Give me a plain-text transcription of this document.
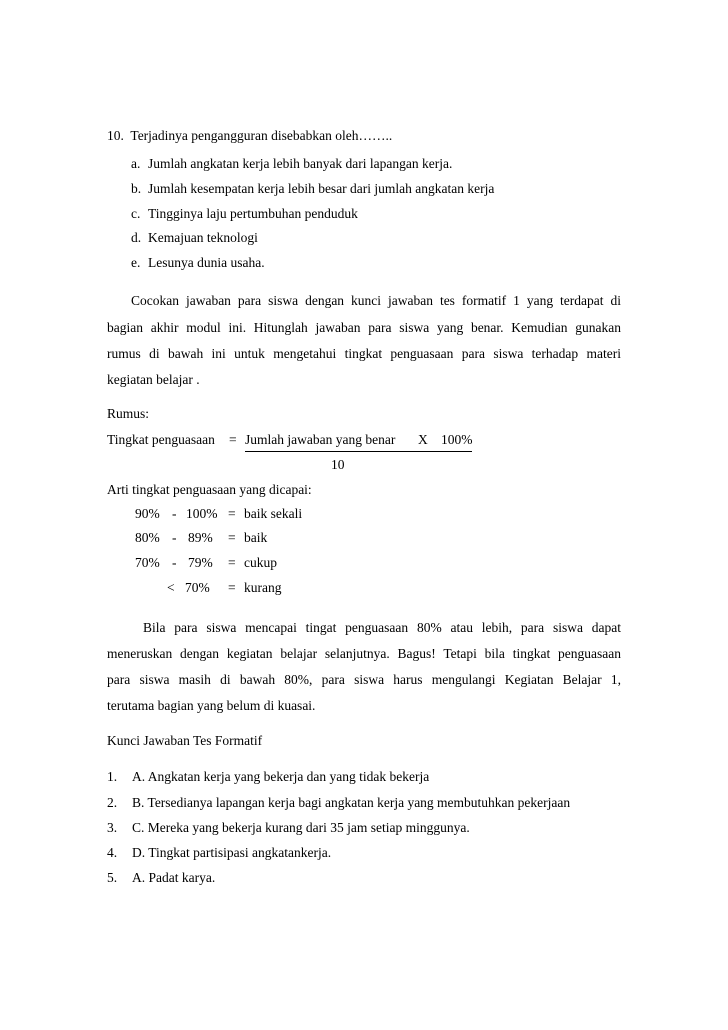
10. Terjadinya pengangguran disebabkan oleh……..
a. Jumlah angkatan kerja lebih banyak dari lapangan kerja.
b. Jumlah kesempatan kerja lebih besar dari jumlah angkatan kerja
c. Tingginya laju pertumbuhan penduduk
d. Kemajuan teknologi
e. Lesunya dunia usaha.
Cocokan jawaban para siswa dengan kunci jawaban tes formatif 1 yang terdapat di
bagian akhir modul ini. Hitunglah jawaban para siswa yang benar. Kemudian gunakan
rumus di bawah ini untuk mengetahui tingkat penguasaan para siswa terhadap materi
kegiatan belajar .
Rumus:
Tingkat penguasaan = Jumlah jawaban yang benar X 100%
10
Arti tingkat penguasaan yang dicapai:
90% - 100% = baik sekali
80% - 89% = baik
70% - 79% = cukup
< 70% = kurang
Bila para siswa mencapai tingat penguasaan 80% atau lebih, para siswa dapat
meneruskan dengan kegiatan belajar selanjutnya. Bagus! Tetapi bila tingkat penguasaan
para siswa masih di bawah 80%, para siswa harus mengulangi Kegiatan Belajar 1,
terutama bagian yang belum di kuasai.
Kunci Jawaban Tes Formatif
1. A. Angkatan kerja yang bekerja dan yang tidak bekerja
2. B. Tersedianya lapangan kerja bagi angkatan kerja yang membutuhkan pekerjaan
3. C. Mereka yang bekerja kurang dari 35 jam setiap minggunya.
4. D. Tingkat partisipasi angkatankerja.
5. A. Padat karya.
